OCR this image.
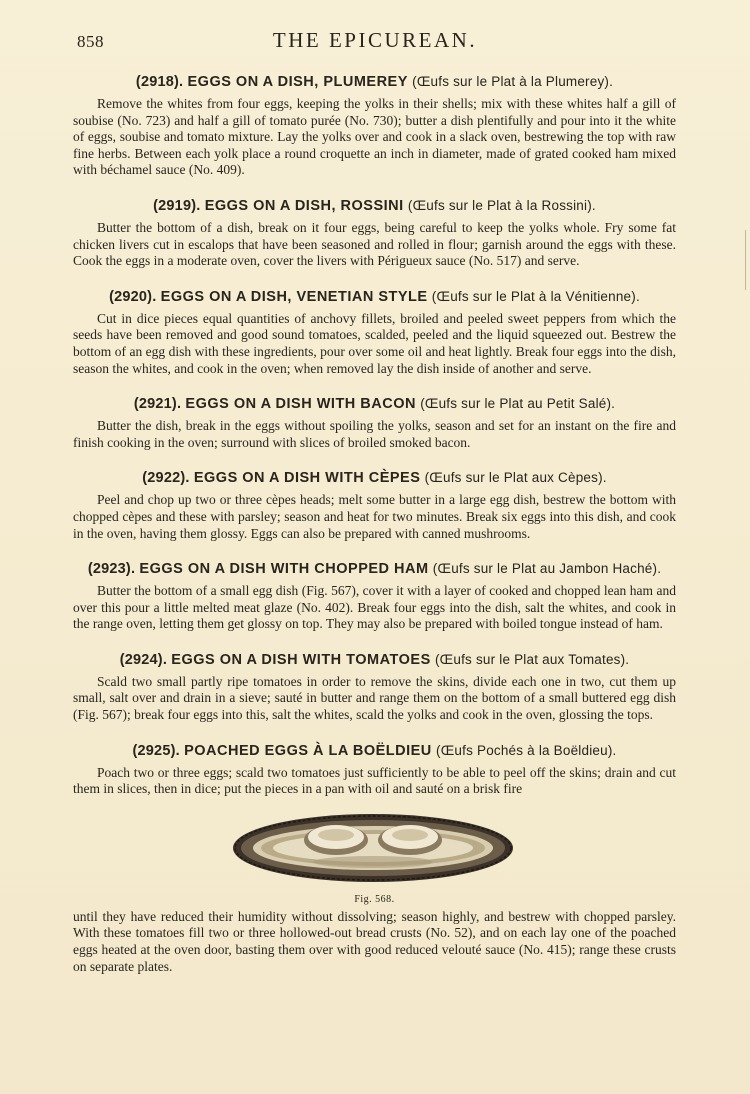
858	THE EPICUREAN.
(2918). EGGS ON A DISH, PLUMEREY (Œufs sur le Plat à la Plumerey).

Remove the whites from four eggs, keeping the yolks in their shells; mix with these whites half a gill of soubise (No. 723) and half a gill of tomato purée (No. 730); butter a dish plentifully and pour into it the white of eggs, soubise and tomato mixture. Lay the yolks over and cook in a slack oven, bestrewing the top with raw fine herbs. Between each yolk place a round croquette an inch in diameter, made of grated cooked ham mixed with béchamel sauce (No. 409).

(2919). EGGS ON A DISH, ROSSINI (Œufs sur le Plat à la Rossini).

Butter the bottom of a dish, break on it four eggs, being careful to keep the yolks whole. Fry some fat chicken livers cut in escalops that have been seasoned and rolled in flour; garnish around the eggs with these. Cook the eggs in a moderate oven, cover the livers with Périgueux sauce (No. 517) and serve.

(2920). EGGS ON A DISH, VENETIAN STYLE (Œufs sur le Plat à la Vénitienne).

Cut in dice pieces equal quantities of anchovy fillets, broiled and peeled sweet peppers from which the seeds have been removed and good sound tomatoes, scalded, peeled and the liquid squeezed out. Bestrew the bottom of an egg dish with these ingredients, pour over some oil and heat lightly. Break four eggs into the dish, season the whites, and cook in the oven; when removed lay the dish inside of another and serve.

(2921). EGGS ON A DISH WITH BACON (Œufs sur le Plat au Petit Salé).

Butter the dish, break in the eggs without spoiling the yolks, season and set for an instant on the fire and finish cooking in the oven; surround with slices of broiled smoked bacon.

(2922). EGGS ON A DISH WITH CÈPES (Œufs sur le Plat aux Cèpes).

Peel and chop up two or three cèpes heads; melt some butter in a large egg dish, bestrew the bottom with chopped cèpes and these with parsley; season and heat for two minutes. Break six eggs into this dish, and cook in the oven, having them glossy. Eggs can also be prepared with canned mushrooms.

(2923). EGGS ON A DISH WITH CHOPPED HAM (Œufs sur le Plat au Jambon Haché).

Butter the bottom of a small egg dish (Fig. 567), cover it with a layer of cooked and chopped lean ham and over this pour a little melted meat glaze (No. 402). Break four eggs into the dish, salt the whites, and cook in the range oven, letting them get glossy on top. They may also be prepared with boiled tongue instead of ham.

(2924). EGGS ON A DISH WITH TOMATOES (Œufs sur le Plat aux Tomates).

Scald two small partly ripe tomatoes in order to remove the skins, divide each one in two, cut them up small, salt over and drain in a sieve; sauté in butter and range them on the bottom of a small buttered egg dish (Fig. 567); break four eggs into this, salt the whites, scald the yolks and cook in the oven, glossing the tops.

(2925). POACHED EGGS À LA BOËLDIEU (Œufs Pochés à la Boëldieu).

Poach two or three eggs; scald two tomatoes just sufficiently to be able to peel off the skins; drain and cut them in slices, then in dice; put the pieces in a pan with oil and sauté on a brisk fire

Fig. 568.

until they have reduced their humidity without dissolving; season highly, and bestrew with chopped parsley. With these tomatoes fill two or three hollowed-out bread crusts (No. 52), and on each lay one of the poached eggs heated at the oven door, basting them over with good reduced velouté sauce (No. 415); range these crusts on separate plates.
